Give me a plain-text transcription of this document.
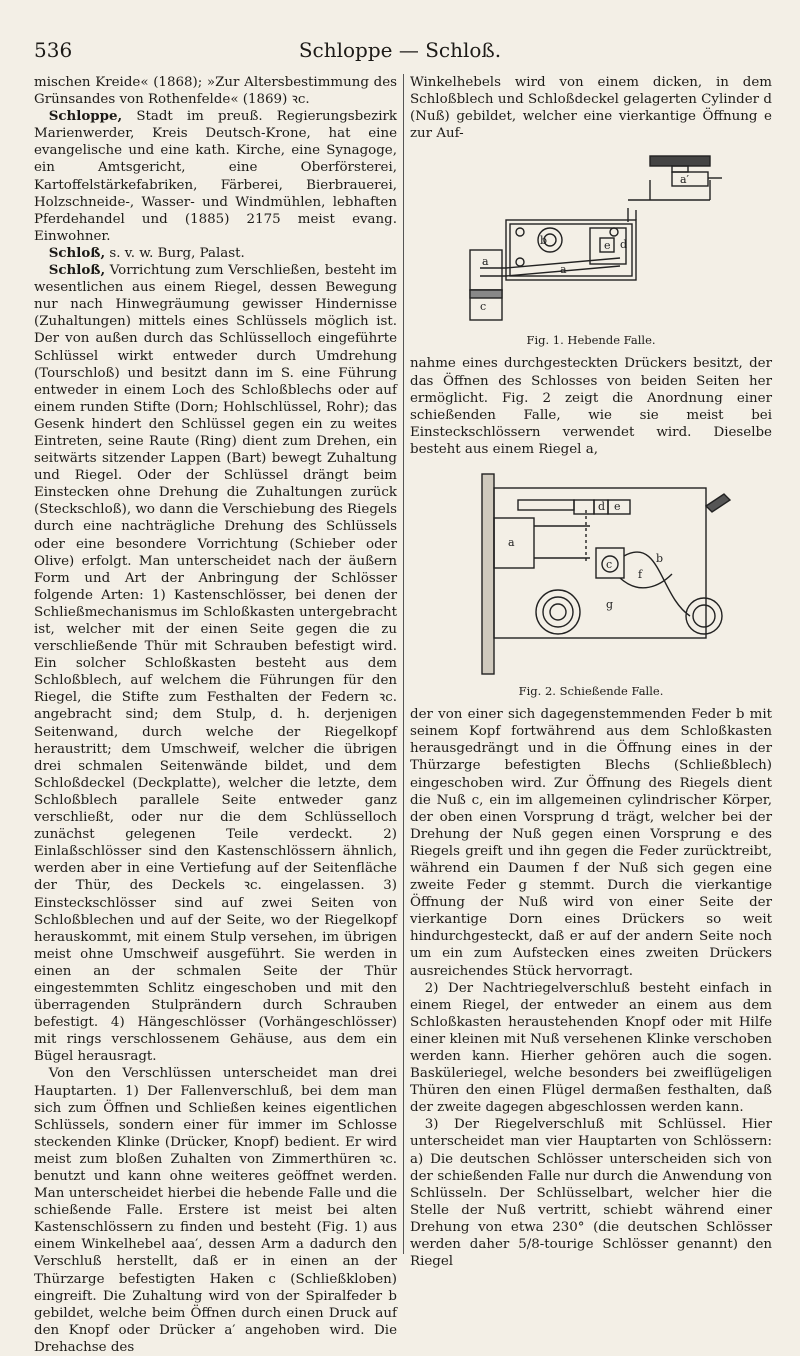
536	Schloppe — Schloß.

mischen Kreide« (1868); »Zur Altersbestimmung des Grünsandes von Rothenfelde« (1869) ꝛc.

Schloppe, Stadt im preuß. Regierungsbezirk Marienwerder, Kreis Deutsch-Krone, hat eine evangelische und eine kath. Kirche, eine Synagoge, ein Amtsgericht, eine Oberförsterei, Kartoffelstärkefabriken, Färberei, Bierbrauerei, Holzschneide-, Wasser- und Windmühlen, lebhaften Pferdehandel und (1885) 2175 meist evang. Einwohner.

Schloß, s. v. w. Burg, Palast.

Schloß, Vorrichtung zum Verschließen, besteht im wesentlichen aus einem Riegel, dessen Bewegung nur nach Hinwegräumung gewisser Hindernisse (Zuhaltungen) mittels eines Schlüssels möglich ist. Der von außen durch das Schlüsselloch eingeführte Schlüssel wirkt entweder durch Umdrehung (Tourschloß) und besitzt dann im S. eine Führung entweder in einem Loch des Schloßblechs oder auf einem runden Stifte (Dorn; Hohlschlüssel, Rohr); das Gesenk hindert den Schlüssel gegen ein zu weites Eintreten, seine Raute (Ring) dient zum Drehen, ein seitwärts sitzender Lappen (Bart) bewegt Zuhaltung und Riegel. Oder der Schlüssel drängt beim Einstecken ohne Drehung die Zuhaltungen zurück (Steckschloß), wo dann die Verschiebung des Riegels durch eine nachträgliche Drehung des Schlüssels oder eine besondere Vorrichtung (Schieber oder Olive) erfolgt. Man unterscheidet nach der äußern Form und Art der Anbringung der Schlösser folgende Arten: 1) Kastenschlösser, bei denen der Schließmechanismus im Schloßkasten untergebracht ist, welcher mit der einen Seite gegen die zu verschließende Thür mit Schrauben befestigt wird. Ein solcher Schloßkasten besteht aus dem Schloßblech, auf welchem die Führungen für den Riegel, die Stifte zum Festhalten der Federn ꝛc. angebracht sind; dem Stulp, d. h. derjenigen Seitenwand, durch welche der Riegelkopf heraustritt; dem Umschweif, welcher die übrigen drei schmalen Seitenwände bildet, und dem Schloßdeckel (Deckplatte), welcher die letzte, dem Schloßblech parallele Seite entweder ganz verschließt, oder nur die dem Schlüsselloch zunächst gelegenen Teile verdeckt. 2) Einlaßschlösser sind den Kastenschlössern ähnlich, werden aber in eine Vertiefung auf der Seitenfläche der Thür, des Deckels ꝛc. eingelassen. 3) Einsteckschlösser sind auf zwei Seiten von Schloßblechen und auf der Seite, wo der Riegelkopf herauskommt, mit einem Stulp versehen, im übrigen meist ohne Umschweif ausgeführt. Sie werden in einen an der schmalen Seite der Thür eingestemmten Schlitz eingeschoben und mit den überragenden Stulprändern durch Schrauben befestigt. 4) Hängeschlösser (Vorhängeschlösser) mit rings verschlossenem Gehäuse, aus dem ein Bügel herausragt.

Von den Verschlüssen unterscheidet man drei Hauptarten. 1) Der Fallenverschluß, bei dem man sich zum Öffnen und Schließen keines eigentlichen Schlüssels, sondern einer für immer im Schlosse steckenden Klinke (Drücker, Knopf) bedient. Er wird meist zum bloßen Zuhalten von Zimmerthüren ꝛc. benutzt und kann ohne weiteres geöffnet werden. Man unterscheidet hierbei die hebende Falle und die schießende Falle. Erstere ist meist bei alten Kastenschlössern zu finden und besteht (Fig. 1) aus einem Winkelhebel aaa′, dessen Arm a dadurch den Verschluß herstellt, daß er in einen an der Thürzarge befestigten Haken c (Schließkloben) eingreift. Die Zuhaltung wird von der Spiralfeder b gebildet, welche beim Öffnen durch einen Druck auf den Knopf oder Drücker a′ angehoben wird. Die Drehachse des

Winkelhebels wird von einem dicken, in dem Schloßblech und Schloßdeckel gelagerten Cylinder d (Nuß) gebildet, welcher eine vierkantige Öffnung e zur Auf-

a′
b	d
e
a
a
c
Fig. 1. Hebende Falle.

nahme eines durchgesteckten Drückers besitzt, der das Öffnen des Schlosses von beiden Seiten her ermöglicht. Fig. 2 zeigt die Anordnung einer schießenden Falle, wie sie meist bei Einsteckschlössern verwendet wird. Dieselbe besteht aus einem Riegel a,

a
c
d e
b
f
g
Fig. 2. Schießende Falle.

der von einer sich dagegenstemmenden Feder b mit seinem Kopf fortwährend aus dem Schloßkasten herausgedrängt und in die Öffnung eines in der Thürzarge befestigten Blechs (Schließblech) eingeschoben wird. Zur Öffnung des Riegels dient die Nuß c, ein im allgemeinen cylindrischer Körper, der oben einen Vorsprung d trägt, welcher bei der Drehung der Nuß gegen einen Vorsprung e des Riegels greift und ihn gegen die Feder zurücktreibt, während ein Daumen f der Nuß sich gegen eine zweite Feder g stemmt. Durch die vierkantige Öffnung der Nuß wird von einer Seite der vierkantige Dorn eines Drückers so weit hindurchgesteckt, daß er auf der andern Seite noch um ein zum Aufstecken eines zweiten Drückers ausreichendes Stück hervorragt.

2) Der Nachtriegelverschluß besteht einfach in einem Riegel, der entweder an einem aus dem Schloßkasten heraustehenden Knopf oder mit Hilfe einer kleinen mit Nuß versehenen Klinke verschoben werden kann. Hierher gehören auch die sogen. Basküleriegel, welche besonders bei zweiflügeligen Thüren den einen Flügel dermaßen festhalten, daß der zweite dagegen abgeschlossen werden kann.

3) Der Riegelverschluß mit Schlüssel. Hier unterscheidet man vier Hauptarten von Schlössern: a) Die deutschen Schlösser unterscheiden sich von der schießenden Falle nur durch die Anwendung von Schlüsseln. Der Schlüsselbart, welcher hier die Stelle der Nuß vertritt, schiebt während einer Drehung von etwa 230° (die deutschen Schlösser werden daher 5/8-tourige Schlösser genannt) den Riegel
